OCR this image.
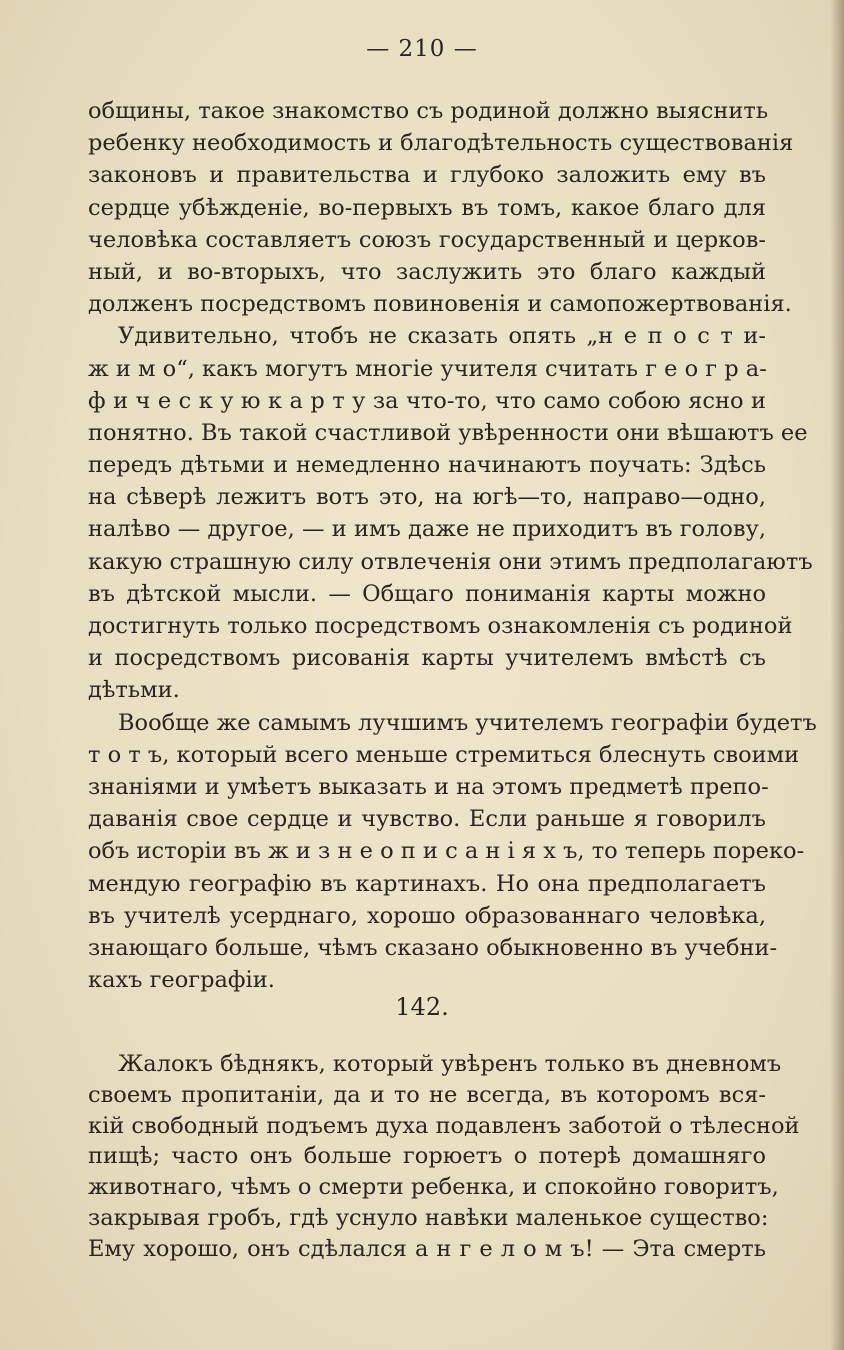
— 210 —
общины, такое знакомство съ родиной должно выяснить
ребенку необходимость и благодѣтельность существованія
законовъ и правительства и глубоко заложить ему въ
сердце убѣжденіе, во-первыхъ въ томъ, какое благо для
человѣка составляетъ союзъ государственный и церков-
ный, и во-вторыхъ, что заслужить это благо каждый
долженъ посредствомъ повиновенія и самопожертвованія.
Удивительно, чтобъ не сказать опять „н е п о с т и-
ж и м о“, какъ могутъ многіе учителя считать г е о г р а-
ф и ч е с к у ю к а р т у за что-то, что само собою ясно и
понятно. Въ такой счастливой увѣренности они вѣшаютъ ее
передъ дѣтьми и немедленно начинаютъ поучать: Здѣсь
на сѣверѣ лежитъ вотъ это, на югѣ—то, направо—одно,
налѣво — другое, — и имъ даже не приходитъ въ голову,
какую страшную силу отвлеченія они этимъ предполагаютъ
въ дѣтской мысли. — Общаго пониманія карты можно
достигнуть только посредствомъ ознакомленія съ родиной
и посредствомъ рисованія карты учителемъ вмѣстѣ съ
дѣтьми.
Вообще же самымъ лучшимъ учителемъ географіи будетъ
т о т ъ, который всего меньше стремиться блеснуть своими
знаніями и умѣетъ выказать и на этомъ предметѣ препо-
даванія свое сердце и чувство. Если раньше я говорилъ
объ исторіи въ ж и з н е о п и с а н і я х ъ, то теперь пореко-
мендую географію въ картинахъ. Но она предполагаетъ
въ учителѣ усерднаго, хорошо образованнаго человѣка,
знающаго больше, чѣмъ сказано обыкновенно въ учебни-
кахъ географіи.
142.
Жалокъ бѣднякъ, который увѣренъ только въ дневномъ
своемъ пропитаніи, да и то не всегда, въ которомъ вся-
кій свободный подъемъ духа подавленъ заботой о тѣлесной
пищѣ; часто онъ больше горюетъ о потерѣ домашняго
животнаго, чѣмъ о смерти ребенка, и спокойно говоритъ,
закрывая гробъ, гдѣ уснуло навѣки маленькое существо:
Ему хорошо, онъ сдѣлался а н г е л о м ъ! — Эта смерть
